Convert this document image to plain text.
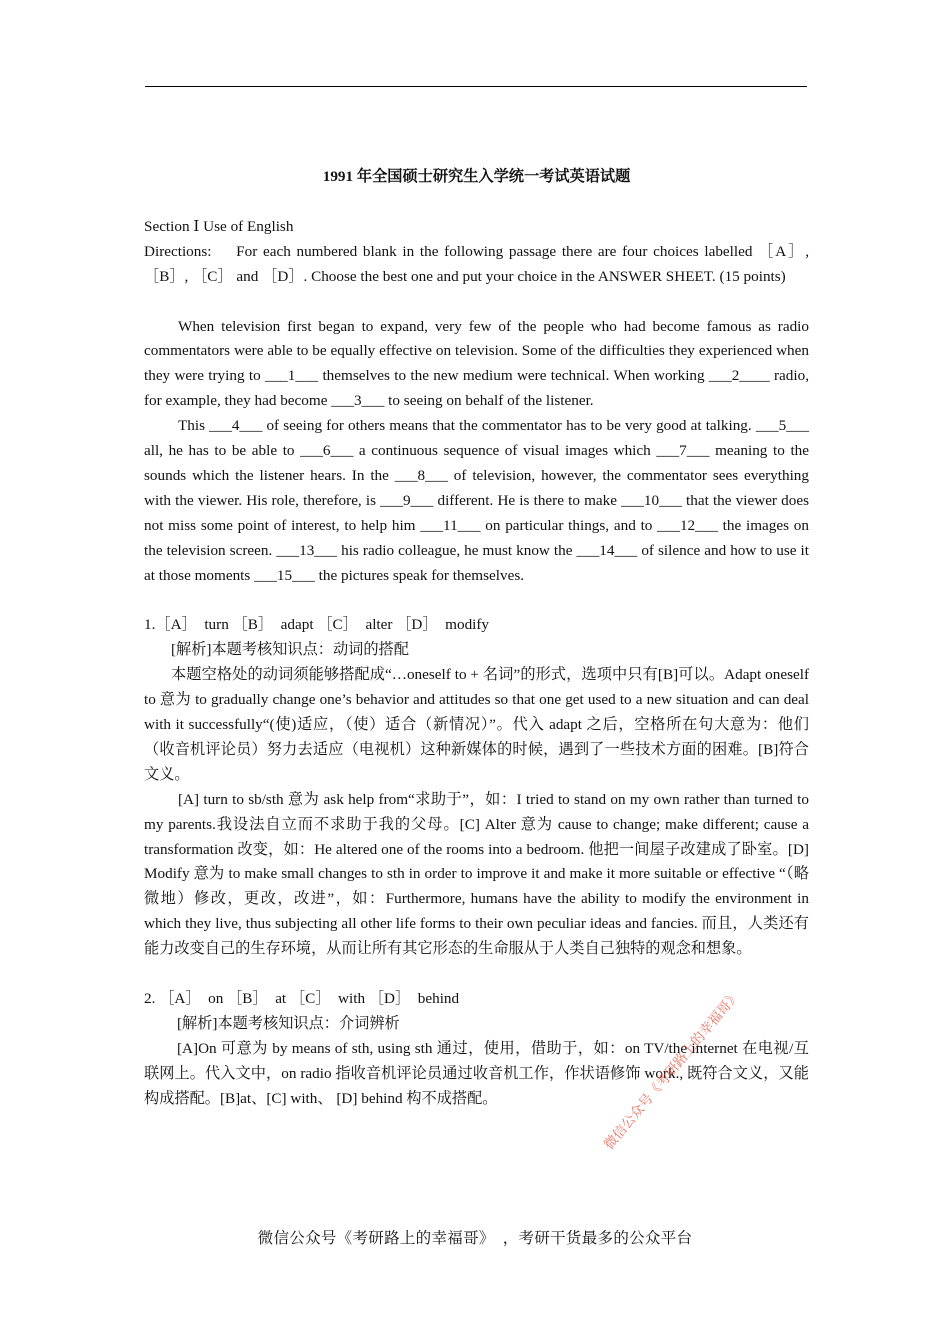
1991 年全国硕士研究生入学统一考试英语试题

Section Ⅰ Use of English

Directions:　 For each numbered blank in the following passage there are four choices labelled ［A］, ［B］, ［C］ and ［D］. Choose the best one and put your choice in the ANSWER SHEET. (15 points)

When television first began to expand, very few of the people who had become famous as radio commentators were able to be equally effective on television. Some of the difficulties they experienced when they were trying to ___1___ themselves to the new medium were technical. When working ___2____ radio, for example, they had become ___3___ to seeing on behalf of the listener.

This ___4___ of seeing for others means that the commentator has to be very good at talking. ___5___ all, he has to be able to ___6___ a continuous sequence of visual images which ___7___ meaning to the sounds which the listener hears. In the ___8___ of television, however, the commentator sees everything with the viewer. His role, therefore, is ___9___ different. He is there to make ___10___ that the viewer does not miss some point of interest, to help him ___11___ on particular things, and to ___12___ the images on the television screen. ___13___ his radio colleague, he must know the ___14___ of silence and how to use it at those moments ___15___ the pictures speak for themselves.

1.［A］　turn ［B］　adapt ［C］　alter ［D］　modify

[解析]本题考核知识点：动词的搭配

本题空格处的动词须能够搭配成“…oneself to + 名词”的形式，选项中只有[B]可以。Adapt oneself to 意为 to gradually change one’s behavior and attitudes so that one get used to a new situation and can deal with it successfully“(使)适应，（使）适合（新情况）”。代入 adapt 之后，空格所在句大意为：他们（收音机评论员）努力去适应（电视机）这种新媒体的时候，遇到了一些技术方面的困难。[B]符合文义。

[A] turn to sb/sth 意为 ask help from“求助于”，如：I tried to stand on my own rather than turned to my parents.我设法自立而不求助于我的父母。[C] Alter 意为 cause to change; make different; cause a transformation 改变，如：He altered one of the rooms into a bedroom. 他把一间屋子改建成了卧室。[D] Modify 意为 to make small changes to sth in order to improve it and make it more suitable or effective “（略微地）修改，更改，改进”，如：Furthermore, humans have the ability to modify the environment in which they live, thus subjecting all other life forms to their own peculiar ideas and fancies. 而且，人类还有能力改变自己的生存环境，从而让所有其它形态的生命服从于人类自己独特的观念和想象。

2. ［A］　on ［B］　at ［C］　with ［D］　behind

[解析]本题考核知识点：介词辨析

[A]On 可意为 by means of sth, using sth 通过，使用，借助于，如：on TV/the internet 在电视/互联网上。代入文中，on radio 指收音机评论员通过收音机工作，作状语修饰 work., 既符合文义，又能构成搭配。[B]at、[C] with、 [D] behind 构不成搭配。	微信公众号《考研路上的幸福哥》
微信公众号《考研路上的幸福哥》　，考研干货最多的公众平台
